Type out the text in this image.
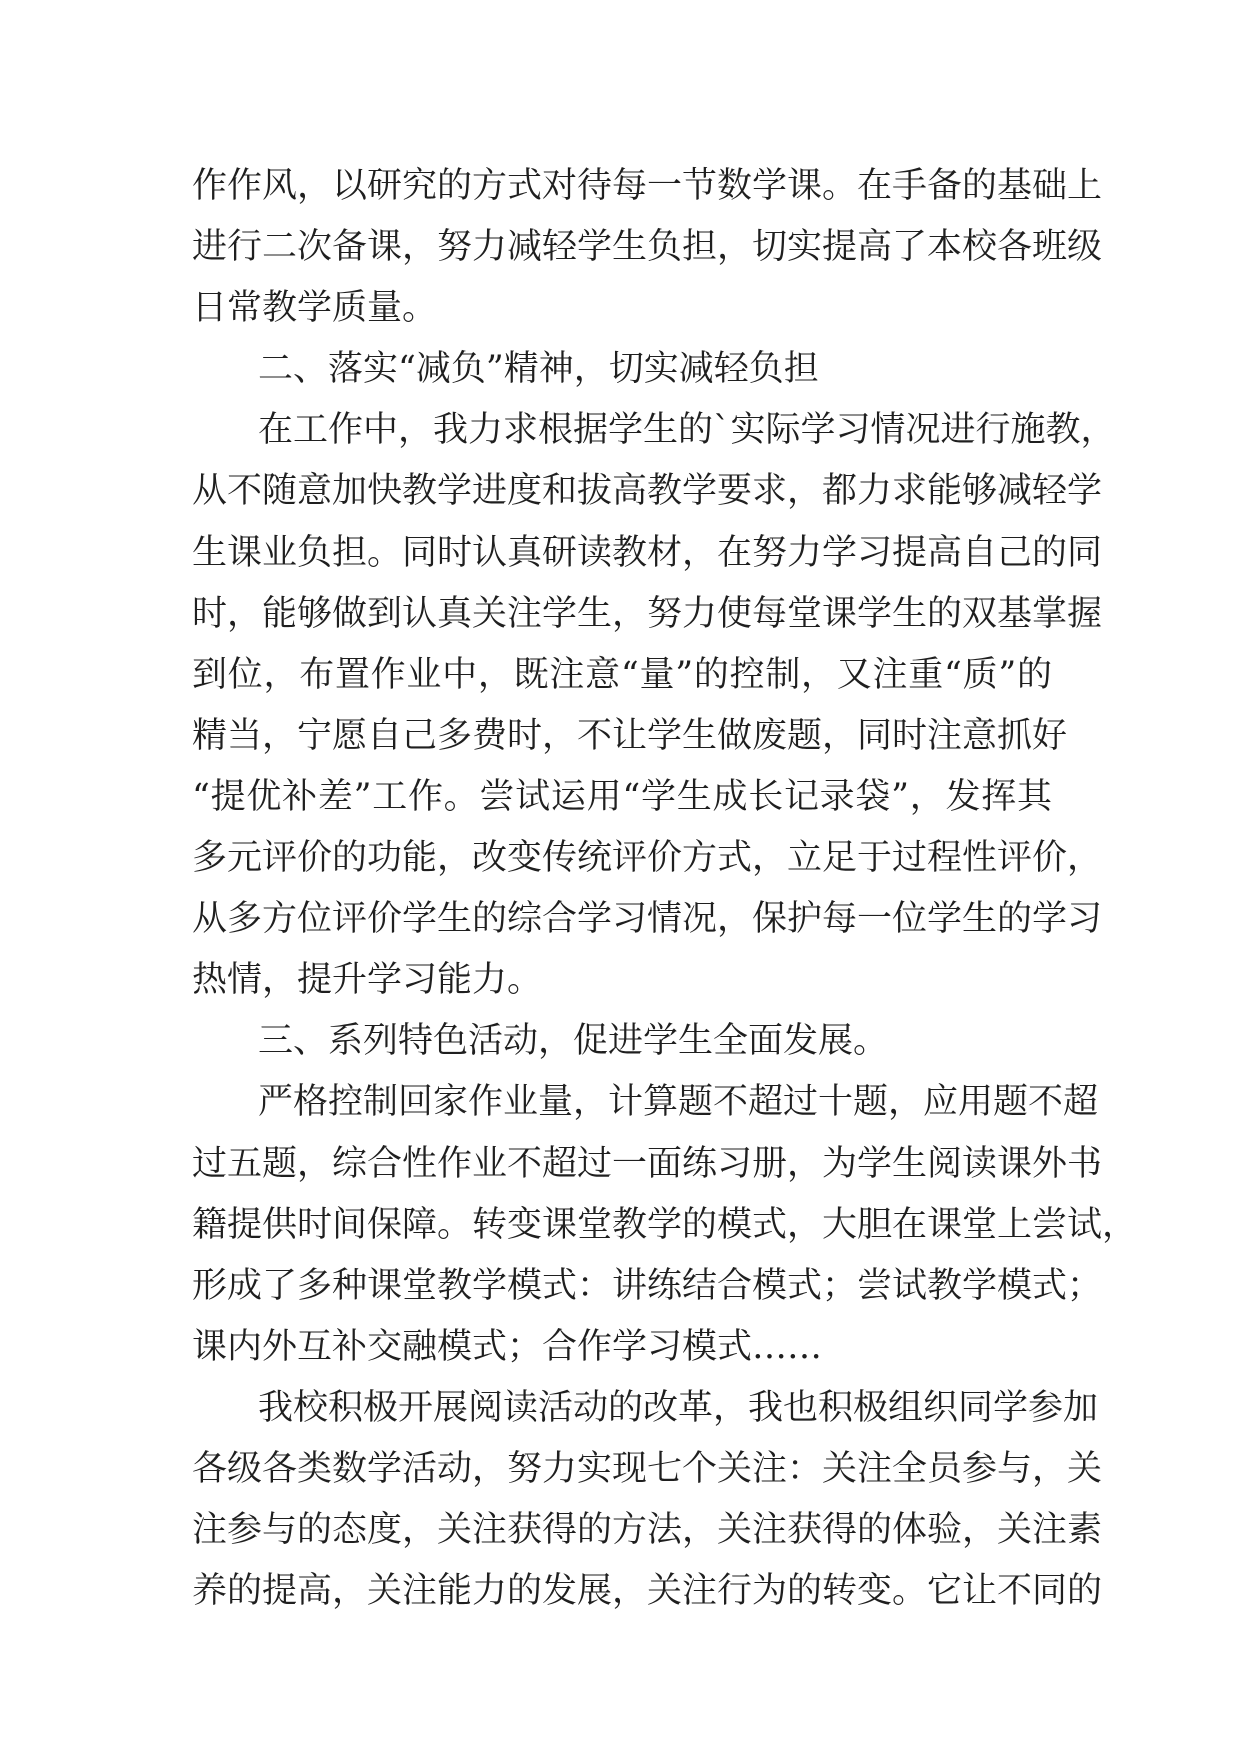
作作风，以研究的方式对待每一节数学课。在手备的基础上
进行二次备课，努力减轻学生负担，切实提高了本校各班级
日常教学质量。
二、落实“减负”精神，切实减轻负担
在工作中，我力求根据学生的`实际学习情况进行施教，
从不随意加快教学进度和拔高教学要求，都力求能够减轻学
生课业负担。同时认真研读教材，在努力学习提高自己的同
时，能够做到认真关注学生，努力使每堂课学生的双基掌握
到位，布置作业中，既注意“量”的控制，又注重“质”的
精当，宁愿自己多费时，不让学生做废题，同时注意抓好
“提优补差”工作。尝试运用“学生成长记录袋”，发挥其
多元评价的功能，改变传统评价方式，立足于过程性评价，
从多方位评价学生的综合学习情况，保护每一位学生的学习
热情，提升学习能力。
三、系列特色活动，促进学生全面发展。
严格控制回家作业量，计算题不超过十题，应用题不超
过五题，综合性作业不超过一面练习册，为学生阅读课外书
籍提供时间保障。转变课堂教学的模式，大胆在课堂上尝试，
形成了多种课堂教学模式：讲练结合模式；尝试教学模式；
课内外互补交融模式；合作学习模式……
我校积极开展阅读活动的改革，我也积极组织同学参加
各级各类数学活动，努力实现七个关注：关注全员参与，关
注参与的态度，关注获得的方法，关注获得的体验，关注素
养的提高，关注能力的发展，关注行为的转变。它让不同的
